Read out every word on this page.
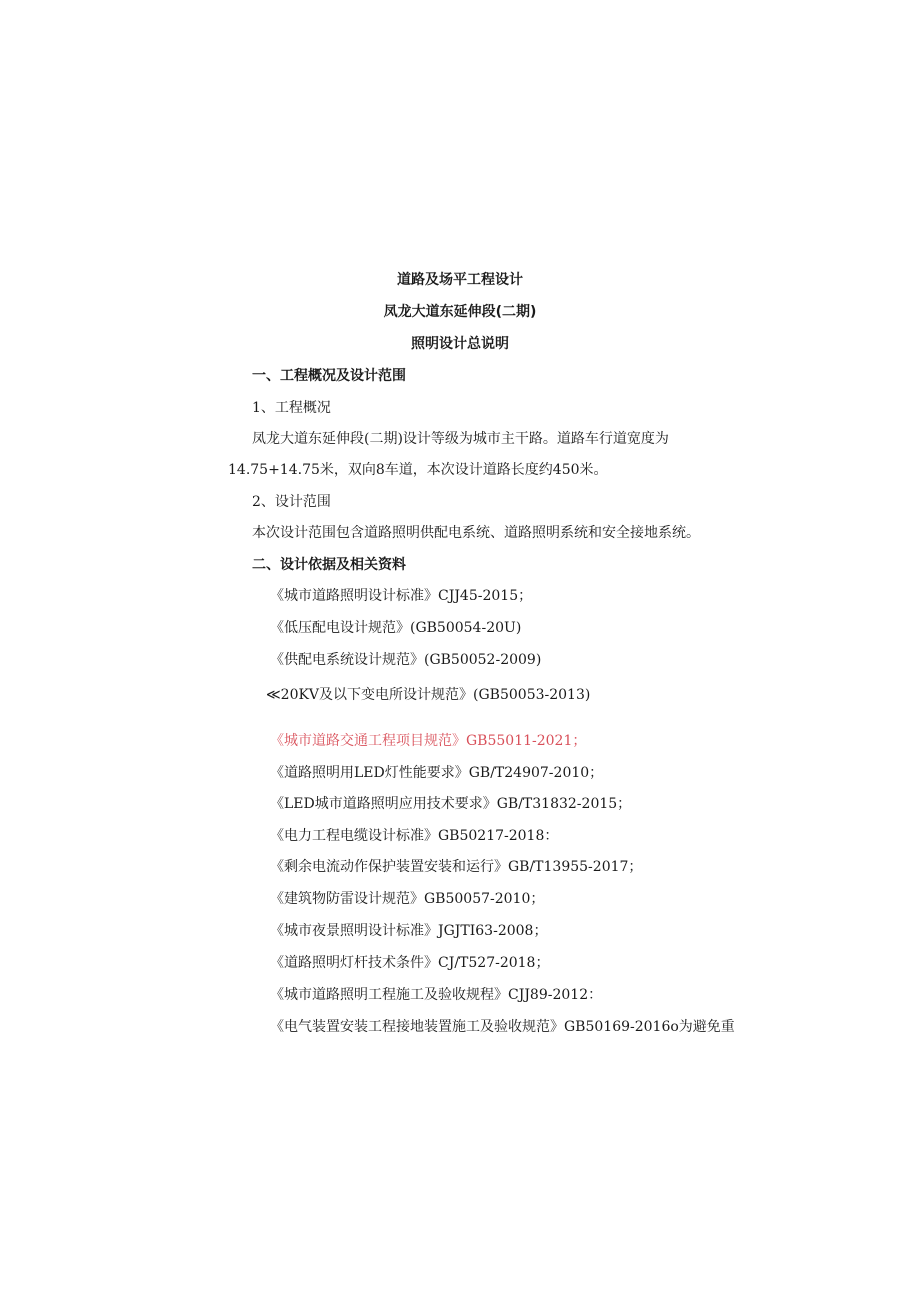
道路及场平工程设计
凤龙大道东延伸段(二期)
照明设计总说明
一、工程概况及设计范围
1、工程概况
凤龙大道东延伸段(二期)设计等级为城市主干路。道路车行道宽度为
14.75+14.75米，双向8车道，本次设计道路长度约450米。
2、设计范围
本次设计范围包含道路照明供配电系统、道路照明系统和安全接地系统。
二、设计依据及相关资料
《城市道路照明设计标准》CJJ45-2015；
《低压配电设计规范》(GB50054-20U)
《供配电系统设计规范》(GB50052-2009)
≪20KV及以下变电所设计规范》(GB50053-2013)
《城市道路交通工程项目规范》GB55011-2021；
《道路照明用LED灯性能要求》GB/T24907-2010；
《LED城市道路照明应用技术要求》GB/T31832-2015；
《电力工程电缆设计标准》GB50217-2018：
《剩余电流动作保护装置安装和运行》GB/T13955-2017；
《建筑物防雷设计规范》GB50057-2010；
《城市夜景照明设计标准》JGJTI63-2008；
《道路照明灯杆技术条件》CJ/T527-2018；
《城市道路照明工程施工及验收规程》CJJ89-2012：
《电气装置安装工程接地装置施工及验收规范》GB50169-2016o为避免重
